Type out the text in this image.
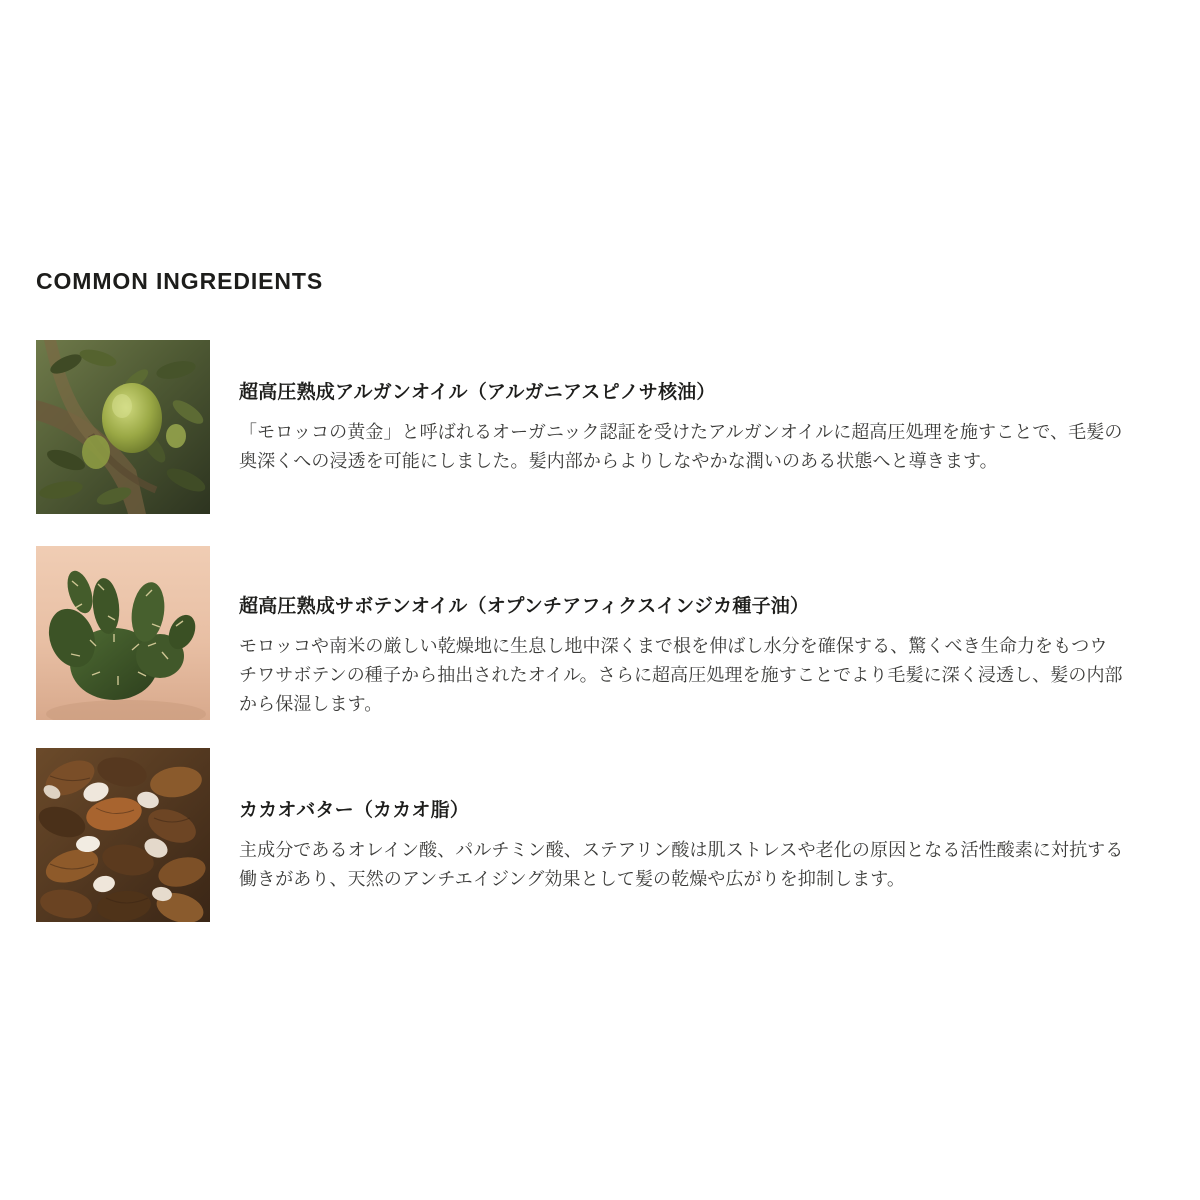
COMMON INGREDIENTS
超高圧熟成アルガンオイル（アルガニアスピノサ核油）
「モロッコの黄金」と呼ばれるオーガニック認証を受けたアルガンオイルに超高圧処理を施すことで、毛髪の奥深くへの浸透を可能にしました。髪内部からよりしなやかな潤いのある状態へと導きます。
超高圧熟成サボテンオイル（オプンチアフィクスインジカ種子油）
モロッコや南米の厳しい乾燥地に生息し地中深くまで根を伸ばし水分を確保する、驚くべき生命力をもつウチワサボテンの種子から抽出されたオイル。さらに超高圧処理を施すことでより毛髪に深く浸透し、髪の内部から保湿します。
カカオバター（カカオ脂）
主成分であるオレイン酸、パルチミン酸、ステアリン酸は肌ストレスや老化の原因となる活性酸素に対抗する働きがあり、天然のアンチエイジング効果として髪の乾燥や広がりを抑制します。
